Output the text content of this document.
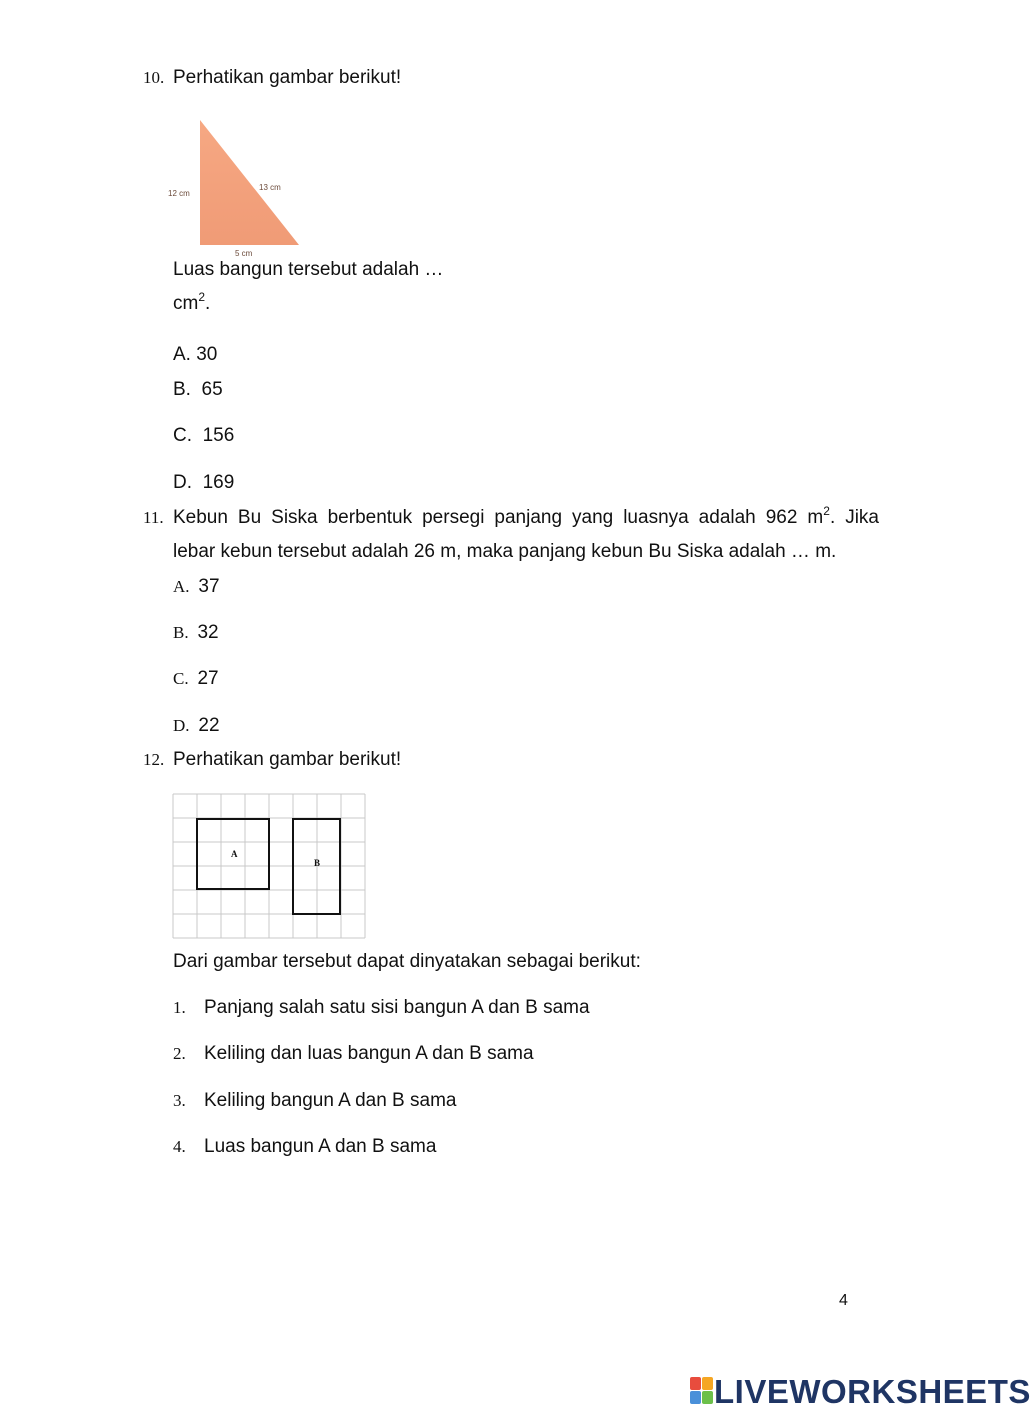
10. Perhatikan gambar berikut!
12 cm
13 cm
5 cm
Luas bangun tersebut adalah …
$cm^2$.
A. 30
B. 65
C. 156
D. 169
11. Kebun Bu Siska berbentuk persegi panjang yang luasnya adalah 962 $m^2$. Jika
lebar kebun tersebut adalah 26 m, maka panjang kebun Bu Siska adalah … m.
A. 37
B. 32
C. 27
D. 22
12. Perhatikan gambar berikut!
A
B
Dari gambar tersebut dapat dinyatakan sebagai berikut:
1. Panjang salah satu sisi bangun A dan B sama
2. Keliling dan luas bangun A dan B sama
3. Keliling bangun A dan B sama
4. Luas bangun A dan B sama
4
LIVEWORKSHEETS
